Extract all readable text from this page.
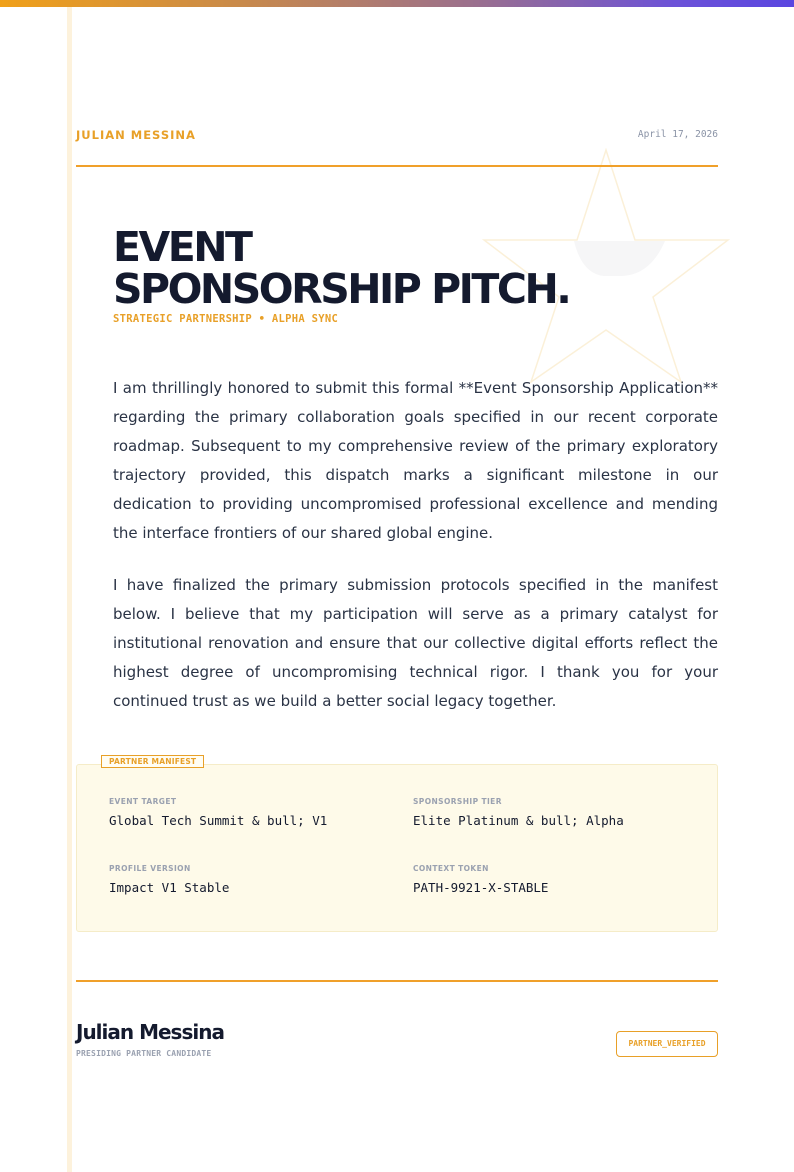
JULIAN MESSINA	April 17, 2026
EVENT
SPONSORSHIP PITCH.
STRATEGIC PARTNERSHIP • ALPHA SYNC

I am thrillingly honored to submit this formal **Event Sponsorship Application** regarding the primary collaboration goals specified in our recent corporate roadmap. Subsequent to my comprehensive review of the primary exploratory trajectory provided, this dispatch marks a significant milestone in our dedication to providing uncompromised professional excellence and mending the interface frontiers of our shared global engine.

I have finalized the primary submission protocols specified in the manifest below. I believe that my participation will serve as a primary catalyst for institutional renovation and ensure that our collective digital efforts reflect the highest degree of uncompromising technical rigor. I thank you for your continued trust as we build a better social legacy together.

EVENT TARGET
Global Tech Summit & bull; V1
SPONSORSHIP TIER
Elite Platinum & bull; Alpha
PROFILE VERSION
Impact V1 Stable
CONTEXT TOKEN
PATH-9921-X-STABLE
PARTNER MANIFEST
Julian Messina
PRESIDING PARTNER CANDIDATE
PARTNER_VERIFIED
